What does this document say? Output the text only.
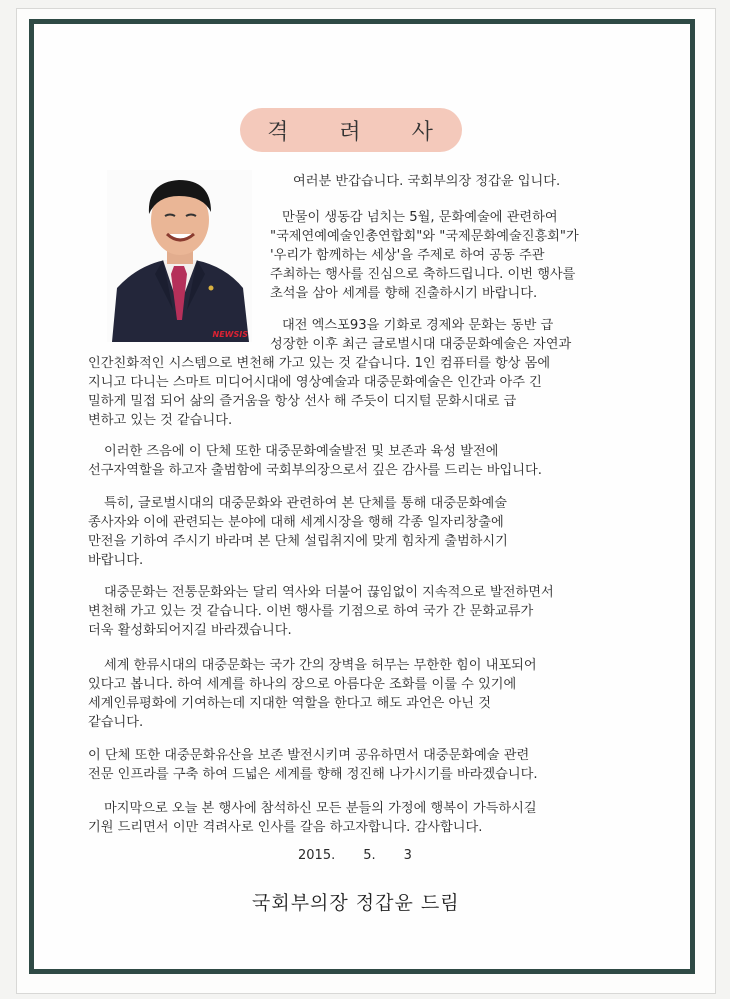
격 려 사
NEWSIS
여러분 반갑습니다. 국회부의장 정갑윤 입니다.
만물이 생동감 넘치는 5월, 문화예술에 관련하여
"국제연예예술인총연합회"와 "국제문화예술진흥회"가
'우리가 함께하는 세상'을 주제로 하여 공동 주관
주최하는 행사를 진심으로 축하드립니다. 이번 행사를
초석을 삼아 세계를 향해 진출하시기 바랍니다.
대전 엑스포93을 기화로 경제와 문화는 동반 급
성장한 이후 최근 글로벌시대 대중문화예술은 자연과
인간친화적인 시스템으로 변천해 가고 있는 것 같습니다. 1인 컴퓨터를 항상 몸에
지니고 다니는 스마트 미디어시대에 영상예술과 대중문화예술은 인간과 아주 긴
밀하게 밀접 되어 삶의 즐거움을 항상 선사 해 주듯이 디지털 문화시대로 급
변하고 있는 것 같습니다.
이러한 즈음에 이 단체 또한 대중문화예술발전 및 보존과 육성 발전에
선구자역할을 하고자 출범함에 국회부의장으로서 깊은 감사를 드리는 바입니다.
특히, 글로벌시대의 대중문화와 관련하여 본 단체를 통해 대중문화예술
종사자와 이에 관련되는 분야에 대해 세계시장을 행해 각종 일자리창출에
만전을 기하여 주시기 바라며 본 단체 설립취지에 맞게 힘차게 출범하시기
바랍니다.
대중문화는 전통문화와는 달리 역사와 더불어 끊임없이 지속적으로 발전하면서
변천해 가고 있는 것 같습니다. 이번 행사를 기점으로 하여 국가 간 문화교류가
더욱 활성화되어지길 바라겠습니다.
세계 한류시대의 대중문화는 국가 간의 장벽을 허무는 무한한 힘이 내포되어
있다고 봅니다. 하여 세계를 하나의 장으로 아름다운 조화를 이룰 수 있기에
세계인류평화에 기여하는데 지대한 역할을 한다고 해도 과언은 아닌 것
같습니다.
이 단체 또한 대중문화유산을 보존 발전시키며 공유하면서 대중문화예술 관련
전문 인프라를 구축 하여 드넓은 세계를 향해 정진해 나가시기를 바라겠습니다.
마지막으로 오늘 본 행사에 참석하신 모든 분들의 가정에 행복이 가득하시길
기원 드리면서 이만 격려사로 인사를 갈음 하고자합니다. 감사합니다.
2015. 5. 3
국회부의장 정갑윤 드림
